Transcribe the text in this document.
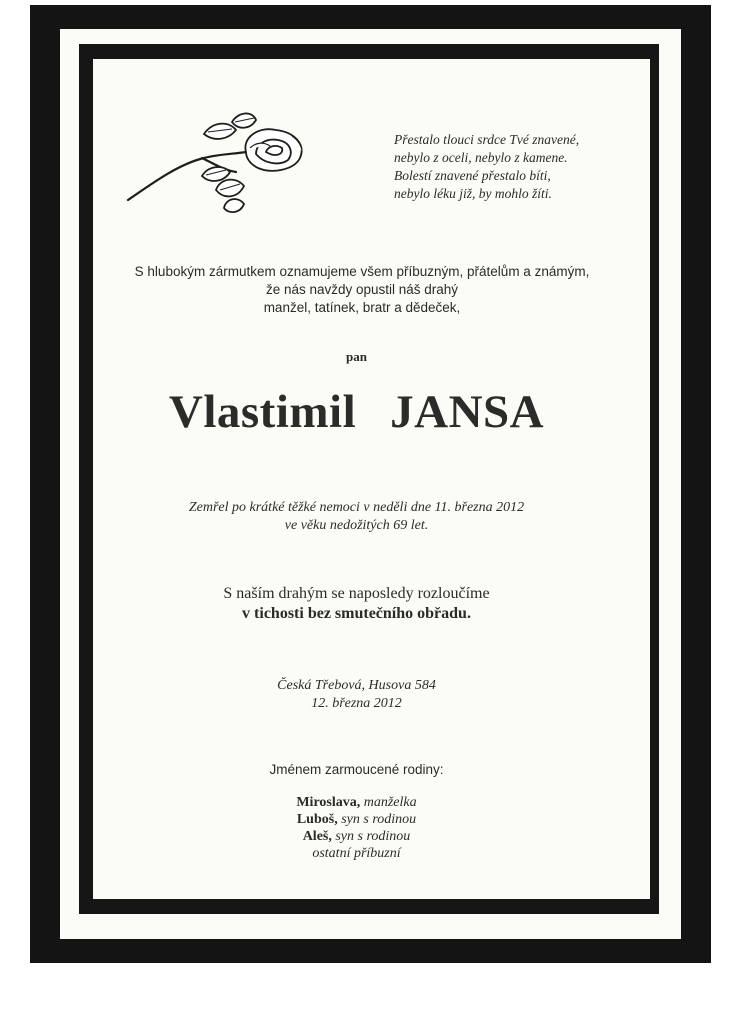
Přestalo tlouci srdce Tvé znavené,
nebylo z oceli, nebylo z kamene.
Bolestí znavené přestalo bíti,
nebylo léku již, by mohlo žíti.
S hlubokým zármutkem oznamujeme všem příbuzným, přátelům a známým,
že nás navždy opustil náš drahý
manžel, tatínek, bratr a dědeček,
pan
Vlastimil JANSA
Zemřel po krátké těžké nemoci v neděli dne 11. března 2012
ve věku nedožitých 69 let.
S naším drahým se naposledy rozloučíme
v tichosti bez smutečního obřadu.
Česká Třebová, Husova 584
12. března 2012
Jménem zarmoucené rodiny:
Miroslava, manželka
Luboš, syn s rodinou
Aleš, syn s rodinou
ostatní příbuzní
